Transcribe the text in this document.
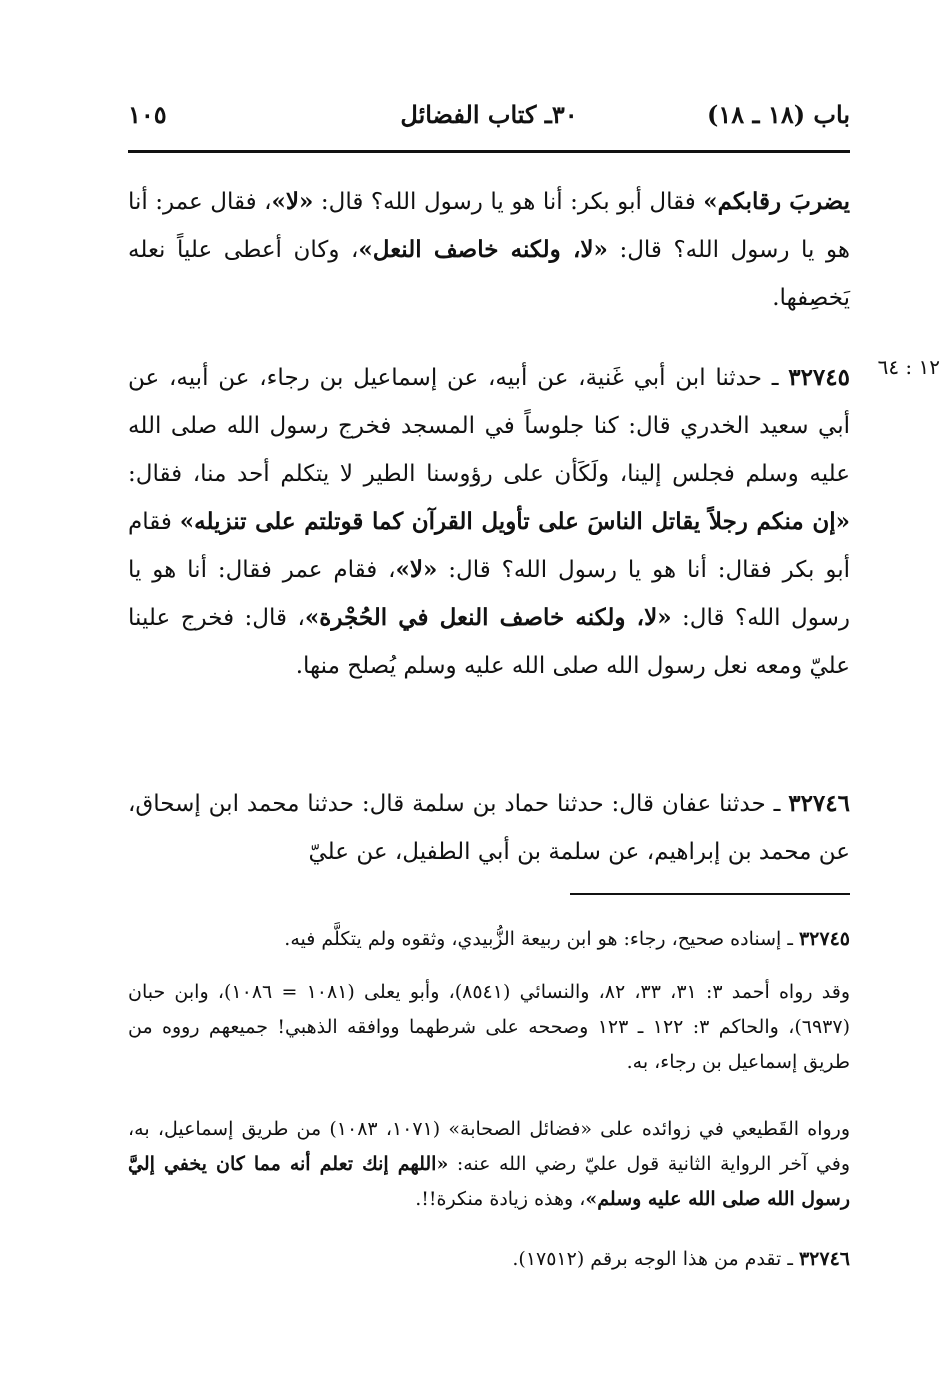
باب (١٨ ـ ١٨)
٣٠ـ كتاب الفضائل
١٠٥

يضربَ رقابكم» فقال أبو بكر: أنا هو يا رسول الله؟ قال: «لا»، فقال عمر: أنا هو يا رسول الله؟ قال: «لا، ولكنه خاصف النعل»، وكان أعطى علياً نعله يَخصِفها.

١٢ : ٦٤

٣٢٧٤٥ ـ حدثنا ابن أبي غَنية، عن أبيه، عن إسماعيل بن رجاء، عن أبيه، عن أبي سعيد الخدري قال: كنا جلوساً في المسجد فخرج رسول الله صلى الله عليه وسلم فجلس إلينا، ولَكَأن على رؤوسنا الطير لا يتكلم أحد منا، فقال: «إن منكم رجلاً يقاتل الناسَ على تأويل القرآن كما قوتلتم على تنزيله» فقام أبو بكر فقال: أنا هو يا رسول الله؟ قال: «لا»، فقام عمر فقال: أنا هو يا رسول الله؟ قال: «لا، ولكنه خاصف النعل في الحُجْرة»، قال: فخرج علينا عليّ ومعه نعل رسول الله صلى الله عليه وسلم يُصلح منها.

٣٢٧٤٦ ـ حدثنا عفان قال: حدثنا حماد بن سلمة قال: حدثنا محمد ابن إسحاق، عن محمد بن إبراهيم، عن سلمة بن أبي الطفيل، عن عليّ

٣٢٧٤٥ ـ إسناده صحيح، رجاء: هو ابن ربيعة الزُّبيدي، وثقوه ولم يتكلَّم فيه.

وقد رواه أحمد ٣: ٣١، ٣٣، ٨٢، والنسائي (٨٥٤١)، وأبو يعلى (١٠٨١ = ١٠٨٦)، وابن حبان (٦٩٣٧)، والحاكم ٣: ١٢٢ ـ ١٢٣ وصححه على شرطهما ووافقه الذهبي! جميعهم رووه من طريق إسماعيل بن رجاء، به.

ورواه القَطيعي في زوائده على «فضائل الصحابة» (١٠٧١، ١٠٨٣) من طريق إسماعيل، به، وفي آخر الرواية الثانية قول عليّ رضي الله عنه: «اللهم إنك تعلم أنه مما كان يخفي إليَّ رسول الله صلى الله عليه وسلم»، وهذه زيادة منكرة!!.

٣٢٧٤٦ ـ تقدم من هذا الوجه برقم (١٧٥١٢).
